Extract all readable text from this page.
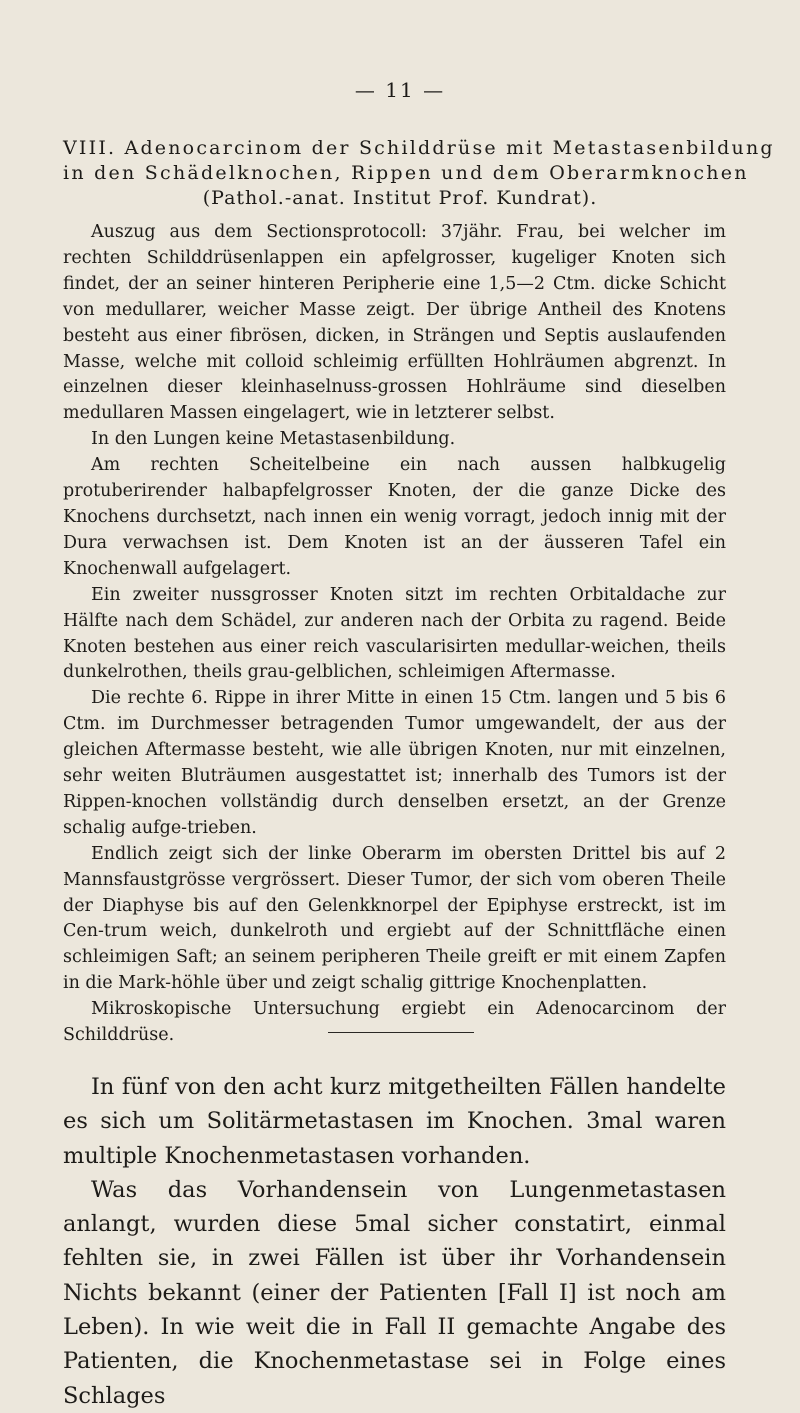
— 11 —
VIII. Adenocarcinom der Schilddrüse mit Metastasenbildung
in den Schädelknochen, Rippen und dem Oberarmknochen
(Pathol.-anat. Institut Prof. Kundrat).

Auszug aus dem Sectionsprotocoll: 37jähr. Frau, bei welcher im rechten Schilddrüsenlappen ein apfelgrosser, kugeliger Knoten sich findet, der an seiner hinteren Peripherie eine 1,5—2 Ctm. dicke Schicht von medullarer, weicher Masse zeigt. Der übrige Antheil des Knotens besteht aus einer fibrösen, dicken, in Strängen und Septis auslaufenden Masse, welche mit colloid schleimig erfüllten Hohlräumen abgrenzt. In einzelnen dieser kleinhaselnuss-grossen Hohlräume sind dieselben medullaren Massen eingelagert, wie in letzterer selbst.

In den Lungen keine Metastasenbildung.

Am rechten Scheitelbeine ein nach aussen halbkugelig protuberirender halbapfelgrosser Knoten, der die ganze Dicke des Knochens durchsetzt, nach innen ein wenig vorragt, jedoch innig mit der Dura verwachsen ist. Dem Knoten ist an der äusseren Tafel ein Knochenwall aufgelagert.

Ein zweiter nussgrosser Knoten sitzt im rechten Orbitaldache zur Hälfte nach dem Schädel, zur anderen nach der Orbita zu ragend. Beide Knoten bestehen aus einer reich vascularisirten medullar-weichen, theils dunkelrothen, theils grau-gelblichen, schleimigen Aftermasse.

Die rechte 6. Rippe in ihrer Mitte in einen 15 Ctm. langen und 5 bis 6 Ctm. im Durchmesser betragenden Tumor umgewandelt, der aus der gleichen Aftermasse besteht, wie alle übrigen Knoten, nur mit einzelnen, sehr weiten Bluträumen ausgestattet ist; innerhalb des Tumors ist der Rippen-knochen vollständig durch denselben ersetzt, an der Grenze schalig aufge-trieben.

Endlich zeigt sich der linke Oberarm im obersten Drittel bis auf 2 Mannsfaustgrösse vergrössert. Dieser Tumor, der sich vom oberen Theile der Diaphyse bis auf den Gelenkknorpel der Epiphyse erstreckt, ist im Cen-trum weich, dunkelroth und ergiebt auf der Schnittfläche einen schleimigen Saft; an seinem peripheren Theile greift er mit einem Zapfen in die Mark-höhle über und zeigt schalig gittrige Knochenplatten.

Mikroskopische Untersuchung ergiebt ein Adenocarcinom der Schilddrüse.

In fünf von den acht kurz mitgetheilten Fällen handelte es sich um Solitärmetastasen im Knochen. 3mal waren multiple Knochenmetastasen vorhanden.

Was das Vorhandensein von Lungenmetastasen anlangt, wurden diese 5mal sicher constatirt, einmal fehlten sie, in zwei Fällen ist über ihr Vorhandensein Nichts bekannt (einer der Patienten [Fall I] ist noch am Leben). In wie weit die in Fall II gemachte Angabe des Patienten, die Knochenmetastase sei in Folge eines Schlages
